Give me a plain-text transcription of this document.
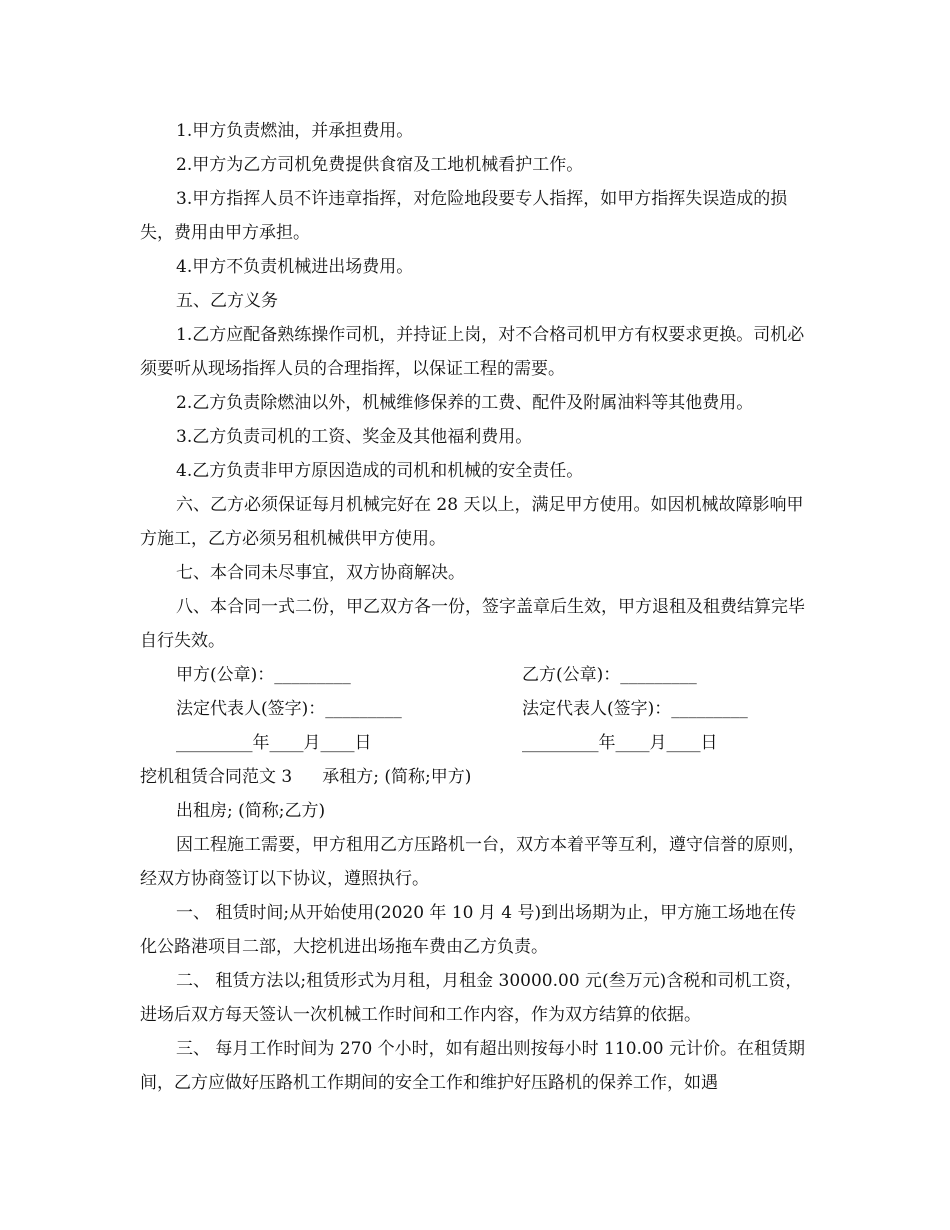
1.甲方负责燃油，并承担费用。

2.甲方为乙方司机免费提供食宿及工地机械看护工作。

3.甲方指挥人员不许违章指挥，对危险地段要专人指挥，如甲方指挥失误造成的损失，费用由甲方承担。

4.甲方不负责机械进出场费用。

五、乙方义务

1.乙方应配备熟练操作司机，并持证上岗，对不合格司机甲方有权要求更换。司机必须要听从现场指挥人员的合理指挥，以保证工程的需要。

2.乙方负责除燃油以外，机械维修保养的工费、配件及附属油料等其他费用。

3.乙方负责司机的工资、奖金及其他福利费用。

4.乙方负责非甲方原因造成的司机和机械的安全责任。

六、乙方必须保证每月机械完好在 28 天以上，满足甲方使用。如因机械故障影响甲方施工，乙方必须另租机械供甲方使用。

七、本合同未尽事宜，双方协商解决。

八、本合同一式二份，甲乙双方各一份，签字盖章后生效，甲方退租及租费结算完毕自行失效。

甲方(公章)：_________	乙方(公章)：_________
法定代表人(签字)：_________	法定代表人(签字)：_________
_________年____月____日	_________年____月____日
挖机租赁合同范文 3 承租方; (简称;甲方)

出租房; (简称;乙方)

因工程施工需要，甲方租用乙方压路机一台，双方本着平等互利，遵守信誉的原则，经双方协商签订以下协议，遵照执行。

一、 租赁时间;从开始使用(2020 年 10 月 4 号)到出场期为止，甲方施工场地在传化公路港项目二部，大挖机进出场拖车费由乙方负责。

二、 租赁方法以;租赁形式为月租，月租金 30000.00 元(叁万元)含税和司机工资，进场后双方每天签认一次机械工作时间和工作内容，作为双方结算的依据。

三、 每月工作时间为 270 个小时，如有超出则按每小时 110.00 元计价。在租赁期间，乙方应做好压路机工作期间的安全工作和维护好压路机的保养工作，如遇
